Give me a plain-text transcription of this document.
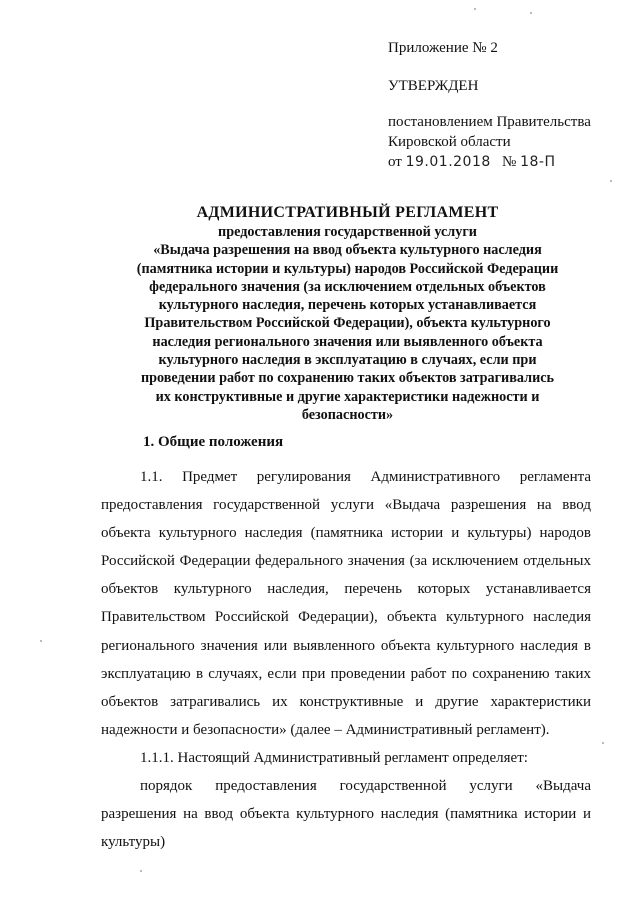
Приложение № 2
УТВЕРЖДЕН
постановлением Правительства
Кировской области
от 19.01.2018 № 18-П
АДМИНИСТРАТИВНЫЙ РЕГЛАМЕНТ
предоставления государственной услуги
«Выдача разрешения на ввод объекта культурного наследия
(памятника истории и культуры) народов Российской Федерации
федерального значения (за исключением отдельных объектов
культурного наследия, перечень которых устанавливается
Правительством Российской Федерации), объекта культурного
наследия регионального значения или выявленного объекта
культурного наследия в эксплуатацию в случаях, если при
проведении работ по сохранению таких объектов затрагивались
их конструктивные и другие характеристики надежности и
безопасности»
1. Общие положения

1.1. Предмет регулирования Административного регламента предоставления государственной услуги «Выдача разрешения на ввод объекта культурного наследия (памятника истории и культуры) народов Российской Федерации федерального значения (за исключением отдельных объектов культурного наследия, перечень которых устанавливается Правительством Российской Федерации), объекта культурного наследия регионального значения или выявленного объекта культурного наследия в эксплуатацию в случаях, если при проведении работ по сохранению таких объектов затрагивались их конструктивные и другие характеристики надежности и безопасности» (далее – Административный регламент).

1.1.1. Настоящий Административный регламент определяет:

порядок предоставления государственной услуги «Выдача разрешения на ввод объекта культурного наследия (памятника истории и культуры)
